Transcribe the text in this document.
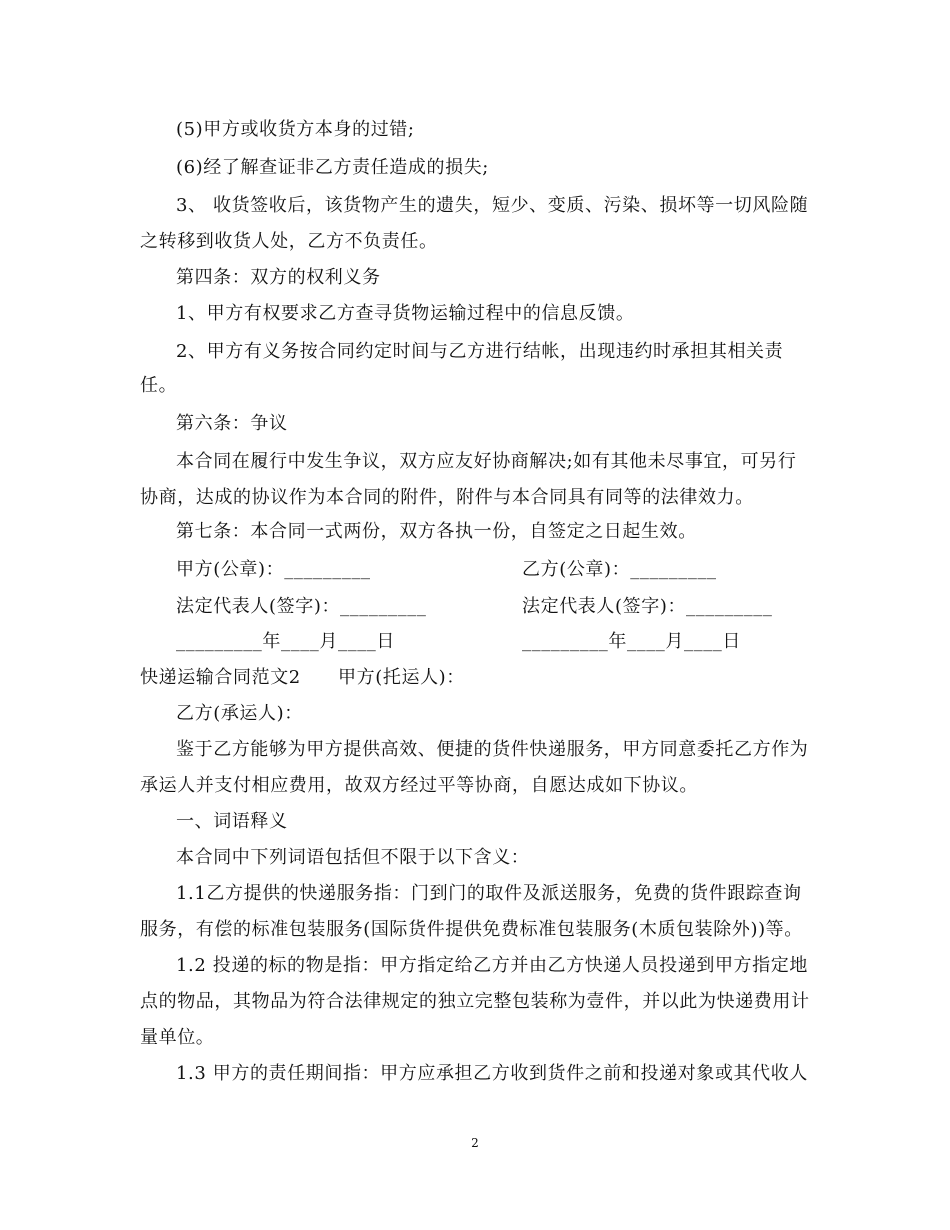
(5)甲方或收货方本身的过错;

(6)经了解查证非乙方责任造成的损失;

3、 收货签收后，该货物产生的遗失，短少、变质、污染、损坏等一切风险随

之转移到收货人处，乙方不负责任。

第四条：双方的权利义务

1、甲方有权要求乙方查寻货物运输过程中的信息反馈。

2、甲方有义务按合同约定时间与乙方进行结帐，出现违约时承担其相关责

任。

第六条：争议

本合同在履行中发生争议，双方应友好协商解决;如有其他未尽事宜，可另行

协商，达成的协议作为本合同的附件，附件与本合同具有同等的法律效力。

第七条：本合同一式两份，双方各执一份，自签定之日起生效。

甲方(公章)：_________	乙方(公章)：_________

法定代表人(签字)：_________	法定代表人(签字)：_________

_________年____月____日	_________年____月____日

快递运输合同范文2　　甲方(托运人)：

乙方(承运人)：

鉴于乙方能够为甲方提供高效、便捷的货件快递服务，甲方同意委托乙方作为

承运人并支付相应费用，故双方经过平等协商，自愿达成如下协议。

一、词语释义

本合同中下列词语包括但不限于以下含义：

1.1乙方提供的快递服务指：门到门的取件及派送服务，免费的货件跟踪查询

服务，有偿的标准包装服务(国际货件提供免费标准包装服务(木质包装除外))等。

1.2 投递的标的物是指：甲方指定给乙方并由乙方快递人员投递到甲方指定地

点的物品，其物品为符合法律规定的独立完整包装称为壹件，并以此为快递费用计

量单位。

1.3 甲方的责任期间指：甲方应承担乙方收到货件之前和投递对象或其代收人

2
